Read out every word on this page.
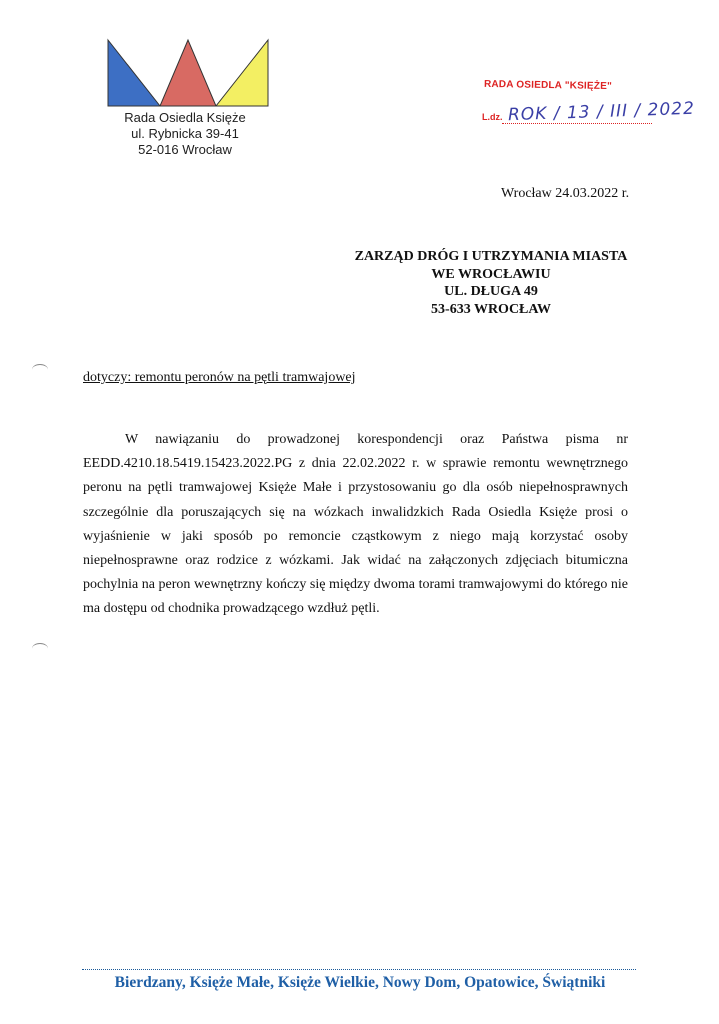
Rada Osiedla Księże
ul. Rybnicka 39-41
52-016 Wrocław
RADA OSIEDLA "KSIĘŻE"
L.dz. ROK / 13 / III / 2022
Wrocław 24.03.2022 r.
ZARZĄD DRÓG I UTRZYMANIA MIASTA
WE WROCŁAWIU
UL. DŁUGA 49
53-633 WROCŁAW
dotyczy: remontu peronów na pętli tramwajowej

W nawiązaniu do prowadzonej korespondencji oraz Państwa pisma nr EEDD.4210.18.5419.15423.2022.PG z dnia 22.02.2022 r. w sprawie remontu wewnętrznego peronu na pętli tramwajowej Księże Małe i przystosowaniu go dla osób niepełnosprawnych szczególnie dla poruszających się na wózkach inwalidzkich Rada Osiedla Księże prosi o wyjaśnienie w jaki sposób po remoncie cząstkowym z niego mają korzystać osoby niepełnosprawne oraz rodzice z wózkami. Jak widać na załączonych zdjęciach bitumiczna pochylnia na peron wewnętrzny kończy się między dwoma torami tramwajowymi do którego nie ma dostępu od chodnika prowadzącego wzdłuż pętli.

Bierdzany, Księże Małe, Księże Wielkie, Nowy Dom, Opatowice, Świątniki
